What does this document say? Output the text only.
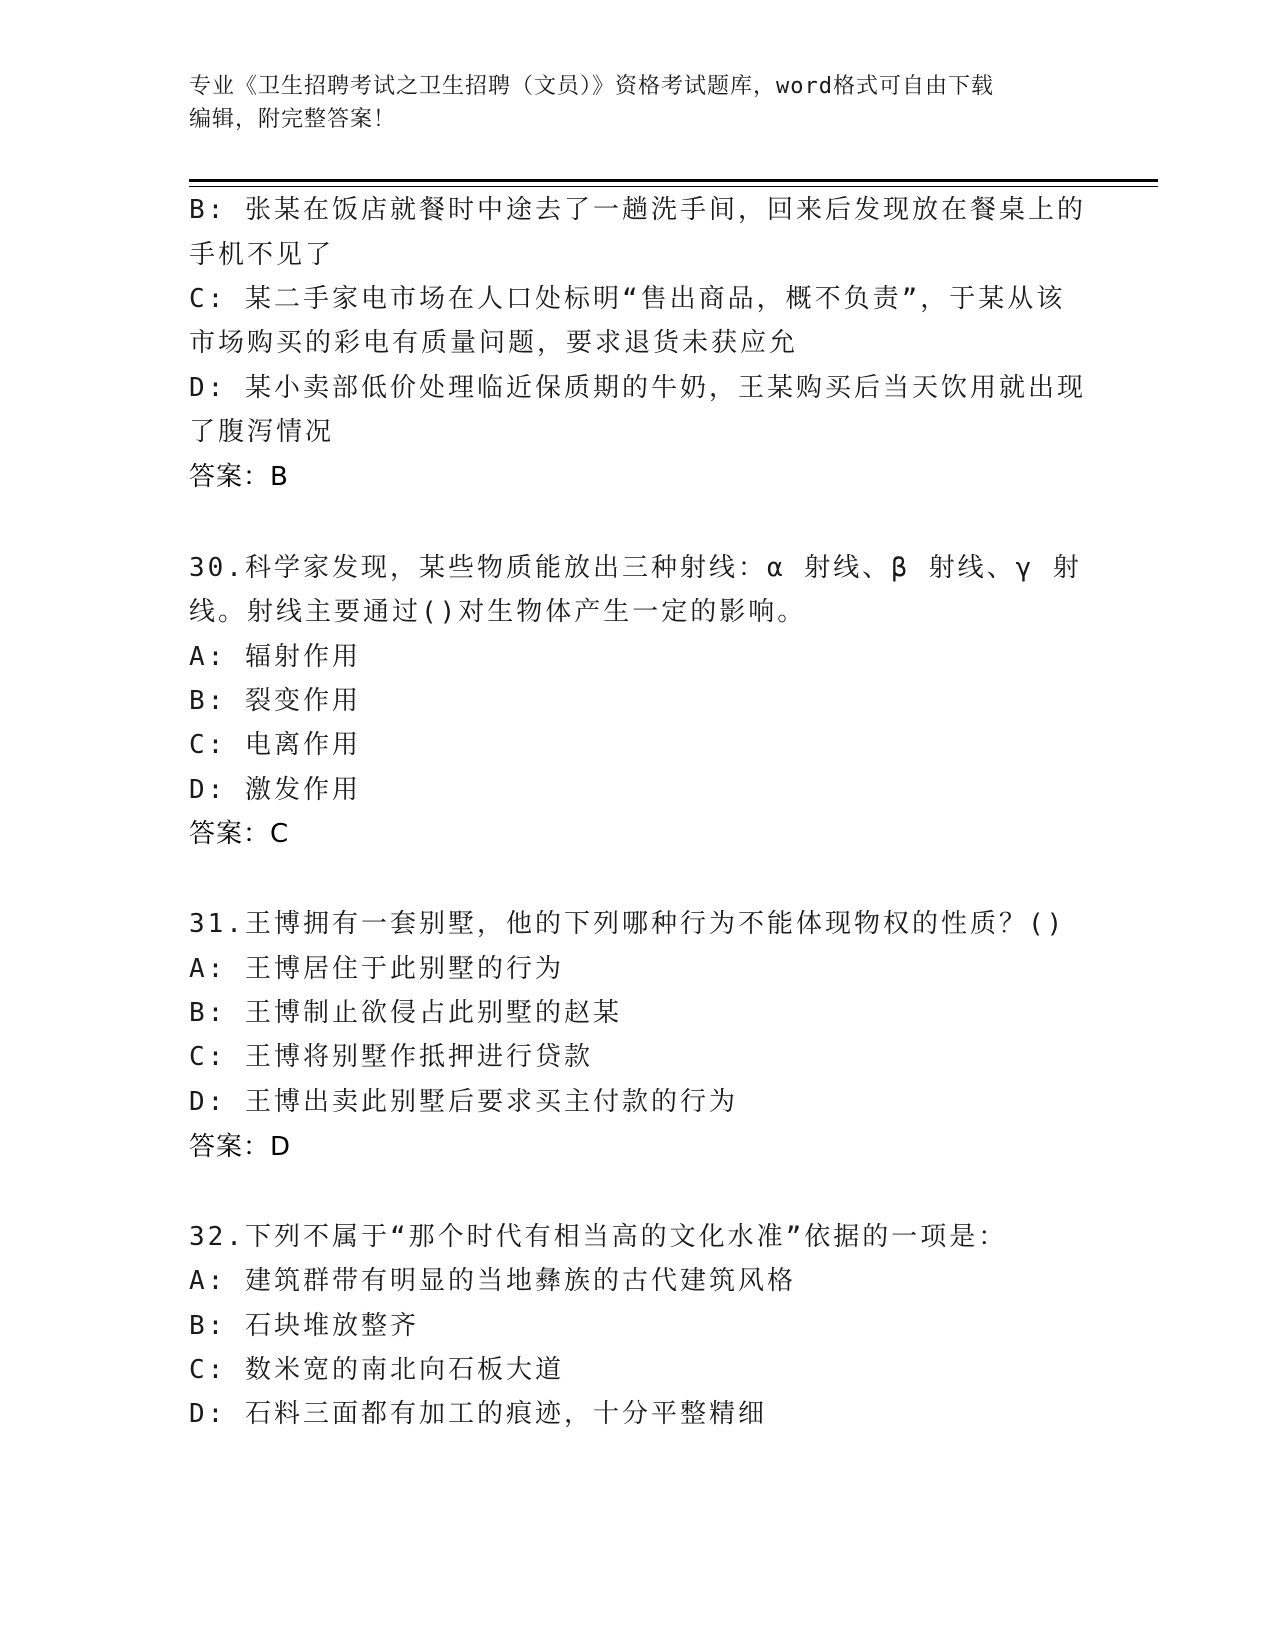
专业《卫生招聘考试之卫生招聘（文员）》资格考试题库，word格式可自由下载
编辑，附完整答案！
B: 张某在饭店就餐时中途去了一趟洗手间，回来后发现放在餐桌上的
手机不见了
C: 某二手家电市场在人口处标明“售出商品，概不负责”，于某从该
市场购买的彩电有质量问题，要求退货未获应允
D: 某小卖部低价处理临近保质期的牛奶，王某购买后当天饮用就出现
了腹泻情况
答案：B
30.科学家发现，某些物质能放出三种射线：α 射线、β 射线、γ 射
线。射线主要通过()对生物体产生一定的影响。
A: 辐射作用
B: 裂变作用
C: 电离作用
D: 激发作用
答案：C
31.王博拥有一套别墅，他的下列哪种行为不能体现物权的性质？()
A: 王博居住于此别墅的行为
B: 王博制止欲侵占此别墅的赵某
C: 王博将别墅作抵押进行贷款
D: 王博出卖此别墅后要求买主付款的行为
答案：D
32.下列不属于“那个时代有相当高的文化水准”依据的一项是：
A: 建筑群带有明显的当地彝族的古代建筑风格
B: 石块堆放整齐
C: 数米宽的南北向石板大道
D: 石料三面都有加工的痕迹，十分平整精细
